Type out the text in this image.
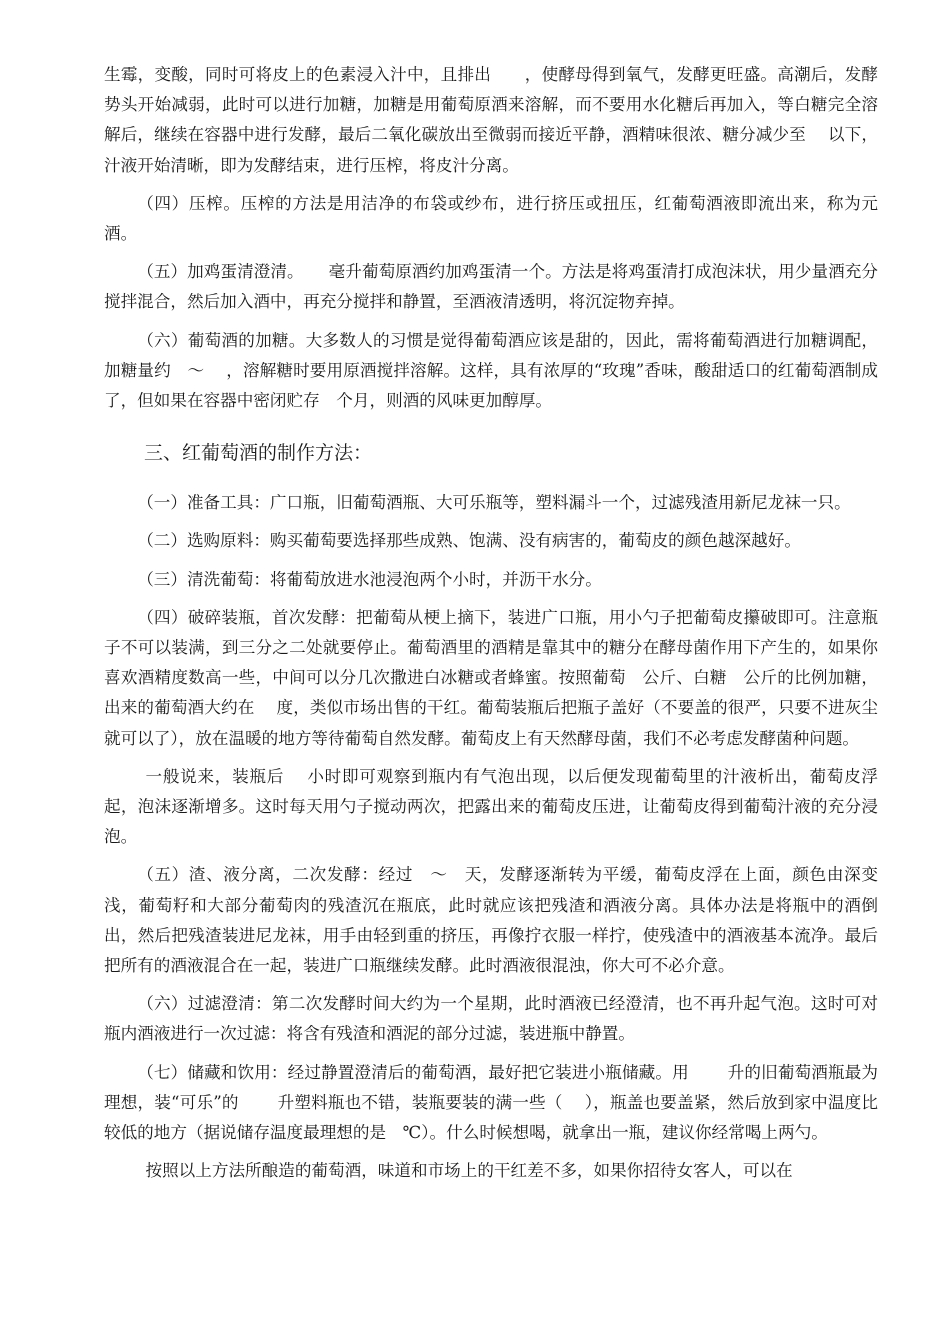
生霉，变酸，同时可将皮上的色素浸入汁中，且排出　　，使酵母得到氧气，发酵更旺盛。高潮后，发酵势头开始减弱，此时可以进行加糖，加糖是用葡萄原酒来溶解，而不要用水化糖后再加入，等白糖完全溶解后，继续在容器中进行发酵，最后二氧化碳放出至微弱而接近平静，酒精味很浓、糖分减少至　 以下，汁液开始清晰，即为发酵结束，进行压榨，将皮汁分离。

（四）压榨。压榨的方法是用洁净的布袋或纱布，进行挤压或扭压，红葡萄酒液即流出来，称为元酒。

（五）加鸡蛋清澄清。　　毫升葡萄原酒约加鸡蛋清一个。方法是将鸡蛋清打成泡沫状，用少量酒充分搅拌混合，然后加入酒中，再充分搅拌和静置，至酒液清透明，将沉淀物弃掉。

（六）葡萄酒的加糖。大多数人的习惯是觉得葡萄酒应该是甜的，因此，需将葡萄酒进行加糖调配，加糖量约　～　 ，溶解糖时要用原酒搅拌溶解。这样，具有浓厚的“玫瑰”香味，酸甜适口的红葡萄酒制成了，但如果在容器中密闭贮存　个月，则酒的风味更加醇厚。

三、红葡萄酒的制作方法：

（一）准备工具：广口瓶，旧葡萄酒瓶、大可乐瓶等，塑料漏斗一个，过滤残渣用新尼龙袜一只。

（二）选购原料：购买葡萄要选择那些成熟、饱满、没有病害的，葡萄皮的颜色越深越好。

（三）清洗葡萄：将葡萄放进水池浸泡两个小时，并沥干水分。

（四）破碎装瓶，首次发酵：把葡萄从梗上摘下，装进广口瓶，用小勺子把葡萄皮攥破即可。注意瓶子不可以装满，到三分之二处就要停止。葡萄酒里的酒精是靠其中的糖分在酵母菌作用下产生的，如果你喜欢酒精度数高一些，中间可以分几次撒进白冰糖或者蜂蜜。按照葡萄　公斤、白糖　公斤的比例加糖，出来的葡萄酒大约在　 度，类似市场出售的干红。葡萄装瓶后把瓶子盖好（不要盖的很严，只要不进灰尘就可以了），放在温暖的地方等待葡萄自然发酵。葡萄皮上有天然酵母菌，我们不必考虑发酵菌种问题。

一般说来，装瓶后　 小时即可观察到瓶内有气泡出现，以后便发现葡萄里的汁液析出，葡萄皮浮起，泡沫逐渐增多。这时每天用勺子搅动两次，把露出来的葡萄皮压进，让葡萄皮得到葡萄汁液的充分浸泡。

（五）渣、液分离，二次发酵：经过　～　天，发酵逐渐转为平缓，葡萄皮浮在上面，颜色由深变浅，葡萄籽和大部分葡萄肉的残渣沉在瓶底，此时就应该把残渣和酒液分离。具体办法是将瓶中的酒倒出，然后把残渣装进尼龙袜，用手由轻到重的挤压，再像拧衣服一样拧，使残渣中的酒液基本流净。最后把所有的酒液混合在一起，装进广口瓶继续发酵。此时酒液很混浊，你大可不必介意。

（六）过滤澄清：第二次发酵时间大约为一个星期，此时酒液已经澄清，也不再升起气泡。这时可对瓶内酒液进行一次过滤：将含有残渣和酒泥的部分过滤，装进瓶中静置。

（七）储藏和饮用：经过静置澄清后的葡萄酒，最好把它装进小瓶储藏。用　　 升的旧葡萄酒瓶最为理想，装“可乐”的　　 升塑料瓶也不错，装瓶要装的满一些（　 ），瓶盖也要盖紧，然后放到家中温度比较低的地方（据说储存温度最理想的是　℃）。什么时候想喝，就拿出一瓶，建议你经常喝上两勺。

按照以上方法所酿造的葡萄酒，味道和市场上的干红差不多，如果你招待女客人，可以在
